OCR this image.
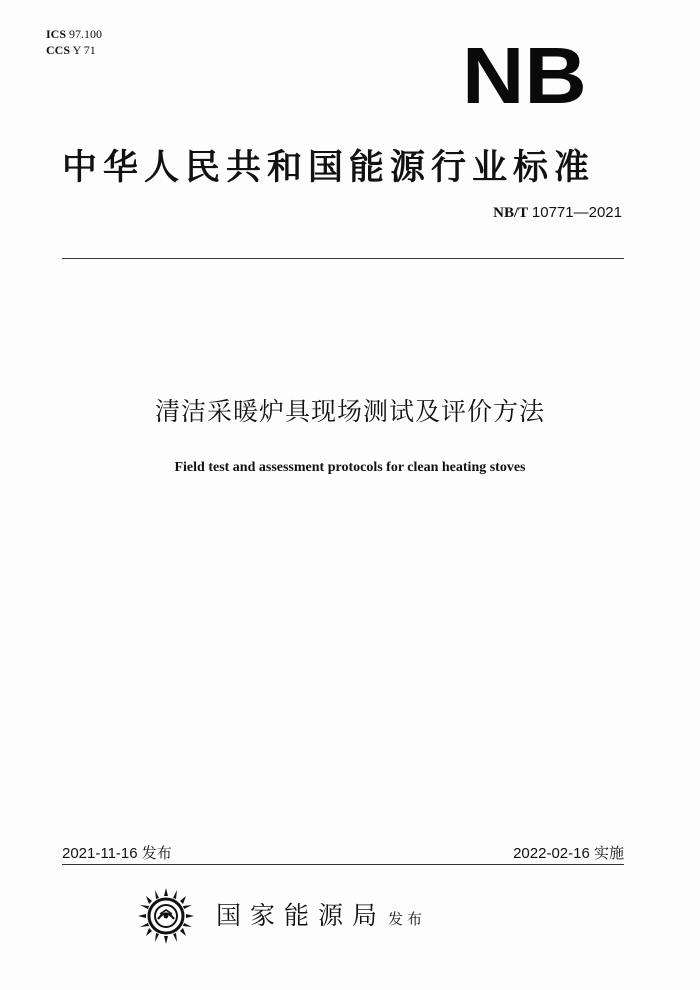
ICS 97.100
CCS Y 71	NB
中华人民共和国能源行业标准
NB/T 10771—2021
清洁采暖炉具现场测试及评价方法
Field test and assessment protocols for clean heating stoves
2021-11-16 发布	2022-02-16 实施
国家能源局 发布
